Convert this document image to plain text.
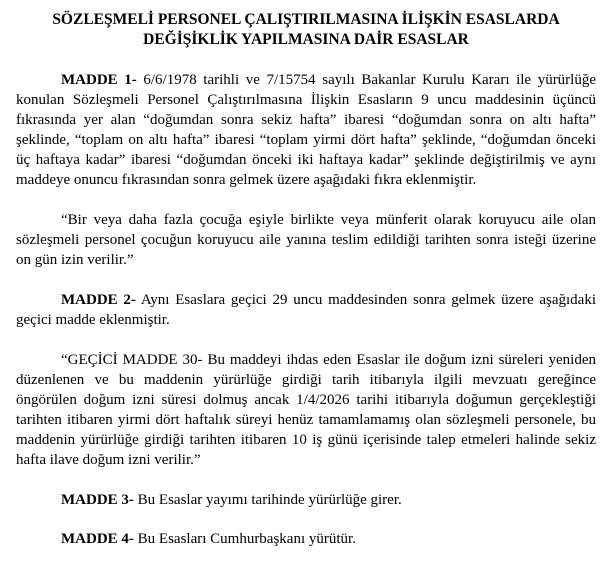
SÖZLEŞMELİ PERSONEL ÇALIŞTIRILMASINA İLİŞKİN ESASLARDA

DEĞİŞİKLİK YAPILMASINA DAİR ESASLAR

MADDE 1- 6/6/1978 tarihli ve 7/15754 sayılı Bakanlar Kurulu Kararı ile yürürlüğe konulan Sözleşmeli Personel Çalıştırılmasına İlişkin Esasların 9 uncu maddesinin üçüncü fıkrasında yer alan “doğumdan sonra sekiz hafta” ibaresi “doğumdan sonra on altı hafta” şeklinde, “toplam on altı hafta” ibaresi “toplam yirmi dört hafta” şeklinde, “doğumdan önceki üç haftaya kadar” ibaresi “doğumdan önceki iki haftaya kadar” şeklinde değiştirilmiş ve aynı maddeye onuncu fıkrasından sonra gelmek üzere aşağıdaki fıkra eklenmiştir.

“Bir veya daha fazla çocuğa eşiyle birlikte veya münferit olarak koruyucu aile olan sözleşmeli personel çocuğun koruyucu aile yanına teslim edildiği tarihten sonra isteği üzerine on gün izin verilir.”

MADDE 2- Aynı Esaslara geçici 29 uncu maddesinden sonra gelmek üzere aşağıdaki geçici madde eklenmiştir.

“GEÇİCİ MADDE 30- Bu maddeyi ihdas eden Esaslar ile doğum izni süreleri yeniden düzenlenen ve bu maddenin yürürlüğe girdiği tarih itibarıyla ilgili mevzuatı gereğince öngörülen doğum izni süresi dolmuş ancak 1/4/2026 tarihi itibarıyla doğumun gerçekleştiği tarihten itibaren yirmi dört haftalık süreyi henüz tamamlamamış olan sözleşmeli personele, bu maddenin yürürlüğe girdiği tarihten itibaren 10 iş günü içerisinde talep etmeleri halinde sekiz hafta ilave doğum izni verilir.”

MADDE 3- Bu Esaslar yayımı tarihinde yürürlüğe girer.

MADDE 4- Bu Esasları Cumhurbaşkanı yürütür.
